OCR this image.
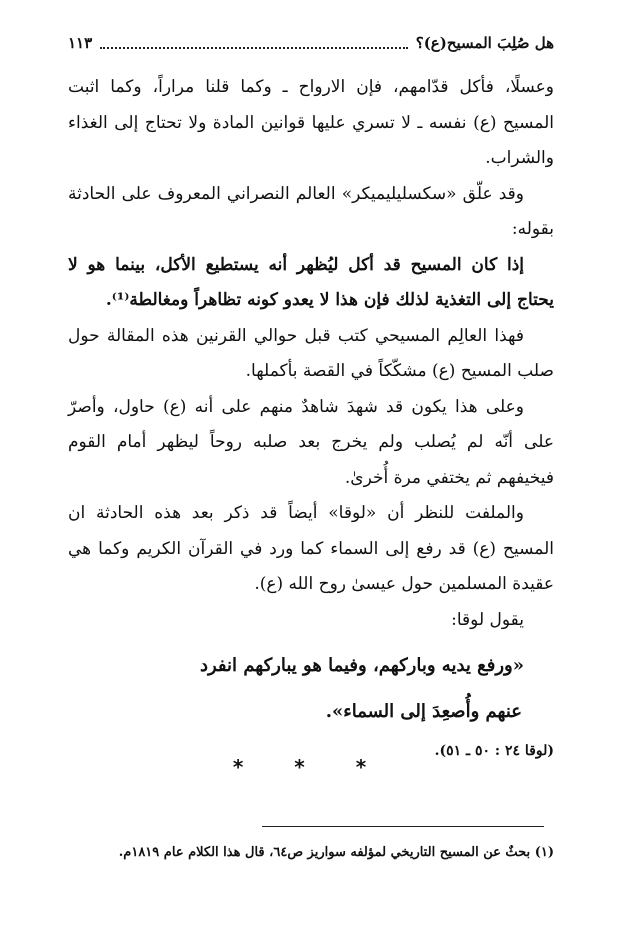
هل صُلِبَ المسيح(ع)؟
١١٣

وعسلًا، فأكل قدّامهم، فإن الارواح ـ وكما قلنا مراراً، وكما اثبت المسيح (ع) نفسه ـ لا تسري عليها قوانين المادة ولا تحتاج إلى الغذاء والشراب.

وقد علّق «سكسليليميكر» العالم النصراني المعروف على الحادثة بقوله:

إذا كان المسيح قد أكل ليُظهر أنه يستطيع الأكل، بينما هو لا يحتاج إلى التغذية لذلك فإن هذا لا يعدو كونه تظاهراً ومغالطة⁽¹⁾.

فهذا العالِم المسيحي كتب قبل حوالي القرنين هذه المقالة حول صلب المسيح (ع) مشكّكاً في القصة بأكملها.

وعلى هذا يكون قد شهدَ شاهدٌ منهم على أنه (ع) حاول، وأصرّ على أنّه لم يُصلب ولم يخرج بعد صلبه روحاً ليظهر أمام القوم فيخيفهم ثم يختفي مرة أُخرىٰ.

والملفت للنظر أن «لوقا» أيضاً قد ذكر بعد هذه الحادثة ان المسيح (ع) قد رفع إلى السماء كما ورد في القرآن الكريم وكما هي عقيدة المسلمين حول عيسىٰ روح الله (ع).

يقول لوقا:

«ورفع يديه وباركهم، وفيما هو يباركهم انفرد

عنهم وأُصعِدَ إلى السماء».

(لوقا ٢٤ : ٥٠ ـ ٥١).

* * *
(١) بحثٌ عن المسيح التاريخي لمؤلفه سواريز ص٦٤، قال هذا الكلام عام ١٨١٩م.
